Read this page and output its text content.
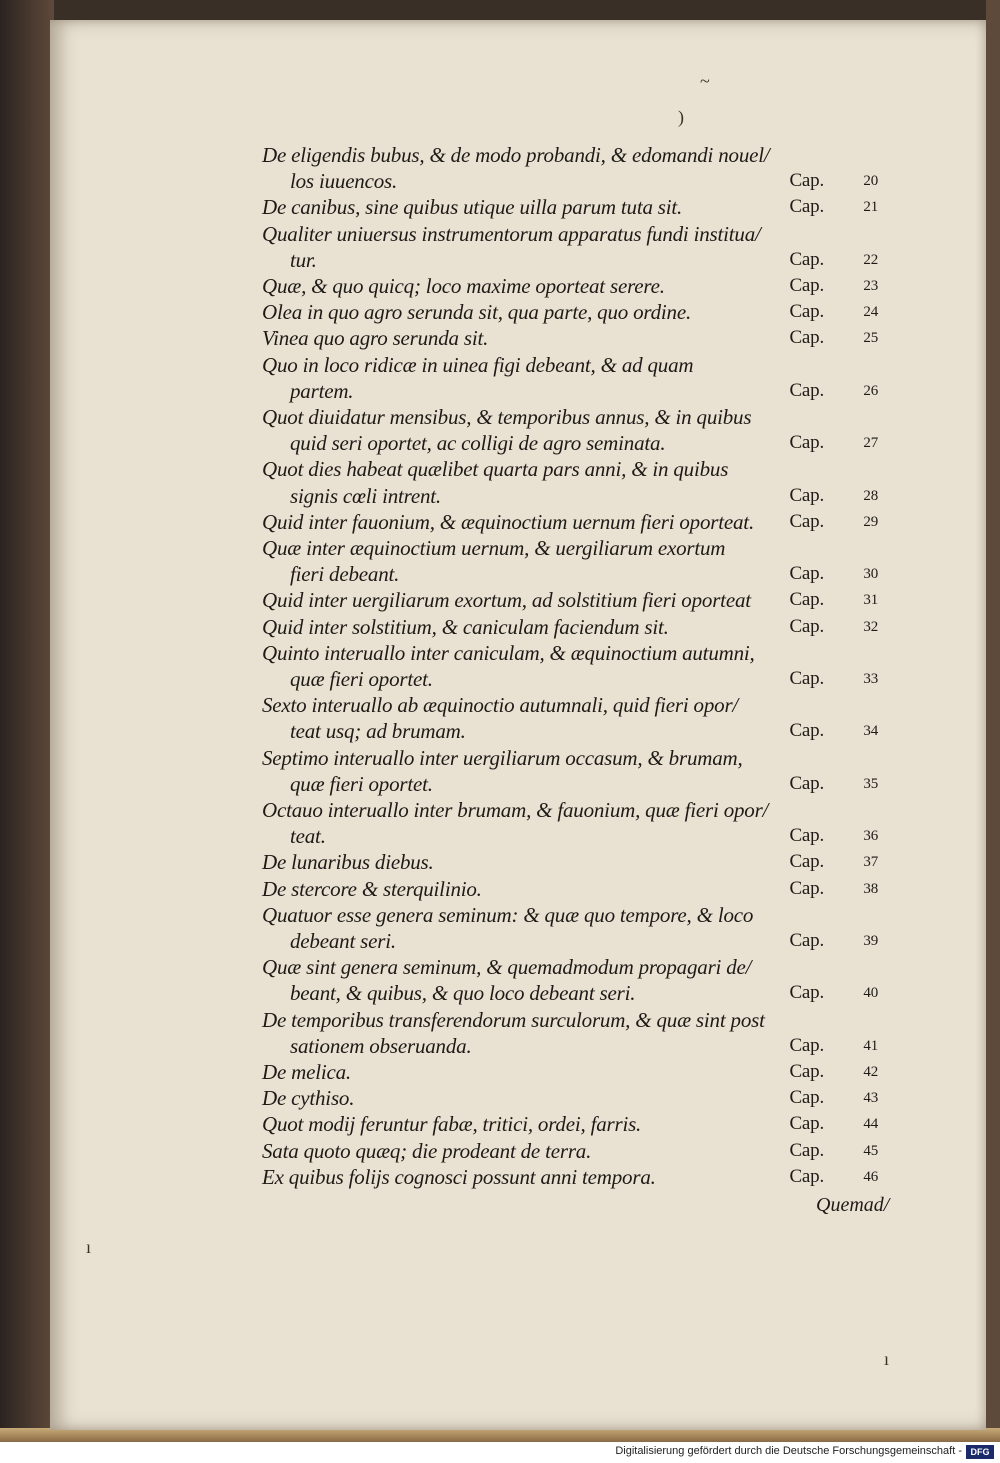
~
)
ı
ı
De eligendis bubus, & de modo probandi, & edomandi nouel/
los iuuencos.	Cap.	20
De canibus, sine quibus utique uilla parum tuta sit.	Cap.	21
Qualiter uniuersus instrumentorum apparatus fundi institua/
tur.	Cap.	22
Quæ, & quo quicq; loco maxime oporteat serere.	Cap.	23
Olea in quo agro serunda sit, qua parte, quo ordine.	Cap.	24
Vinea quo agro serunda sit.	Cap.	25
Quo in loco ridicæ in uinea figi debeant, & ad quam
partem.	Cap.	26
Quot diuidatur mensibus, & temporibus annus, & in quibus
quid seri oportet, ac colligi de agro seminata.	Cap.	27
Quot dies habeat quælibet quarta pars anni, & in quibus
signis cœli intrent.	Cap.	28
Quid inter fauonium, & æquinoctium uernum fieri oporteat. Cap.	29
Quæ inter æquinoctium uernum, & uergiliarum exortum
fieri debeant.	Cap.	30
Quid inter uergiliarum exortum, ad solstitium fieri oporteat Cap.	31
Quid inter solstitium, & caniculam faciendum sit.	Cap.	32
Quinto interuallo inter caniculam, & æquinoctium autumni,
quæ fieri oportet.	Cap.	33
Sexto interuallo ab æquinoctio autumnali, quid fieri opor/
teat usq; ad brumam.	Cap.	34
Septimo interuallo inter uergiliarum occasum, & brumam,
quæ fieri oportet.	Cap.	35
Octauo interuallo inter brumam, & fauonium, quæ fieri opor/
teat.	Cap.	36
De lunaribus diebus.	Cap.	37
De stercore & sterquilinio.	Cap.	38
Quatuor esse genera seminum: & quæ quo tempore, & loco
debeant seri.	Cap.	39
Quæ sint genera seminum, & quemadmodum propagari de/
beant, & quibus, & quo loco debeant seri.	Cap.	40
De temporibus transferendorum surculorum, & quæ sint post
sationem obseruanda.	Cap.	41
De melica.	Cap.	42
De cythiso.	Cap.	43
Quot modij feruntur fabæ, tritici, ordei, farris.	Cap.	44
Sata quoto quæq; die prodeant de terra.	Cap.	45
Ex quibus folijs cognosci possunt anni tempora.	Cap.	46
Quemad/
Digitalisierung gefördert durch die Deutsche Forschungsgemeinschaft - DFG
